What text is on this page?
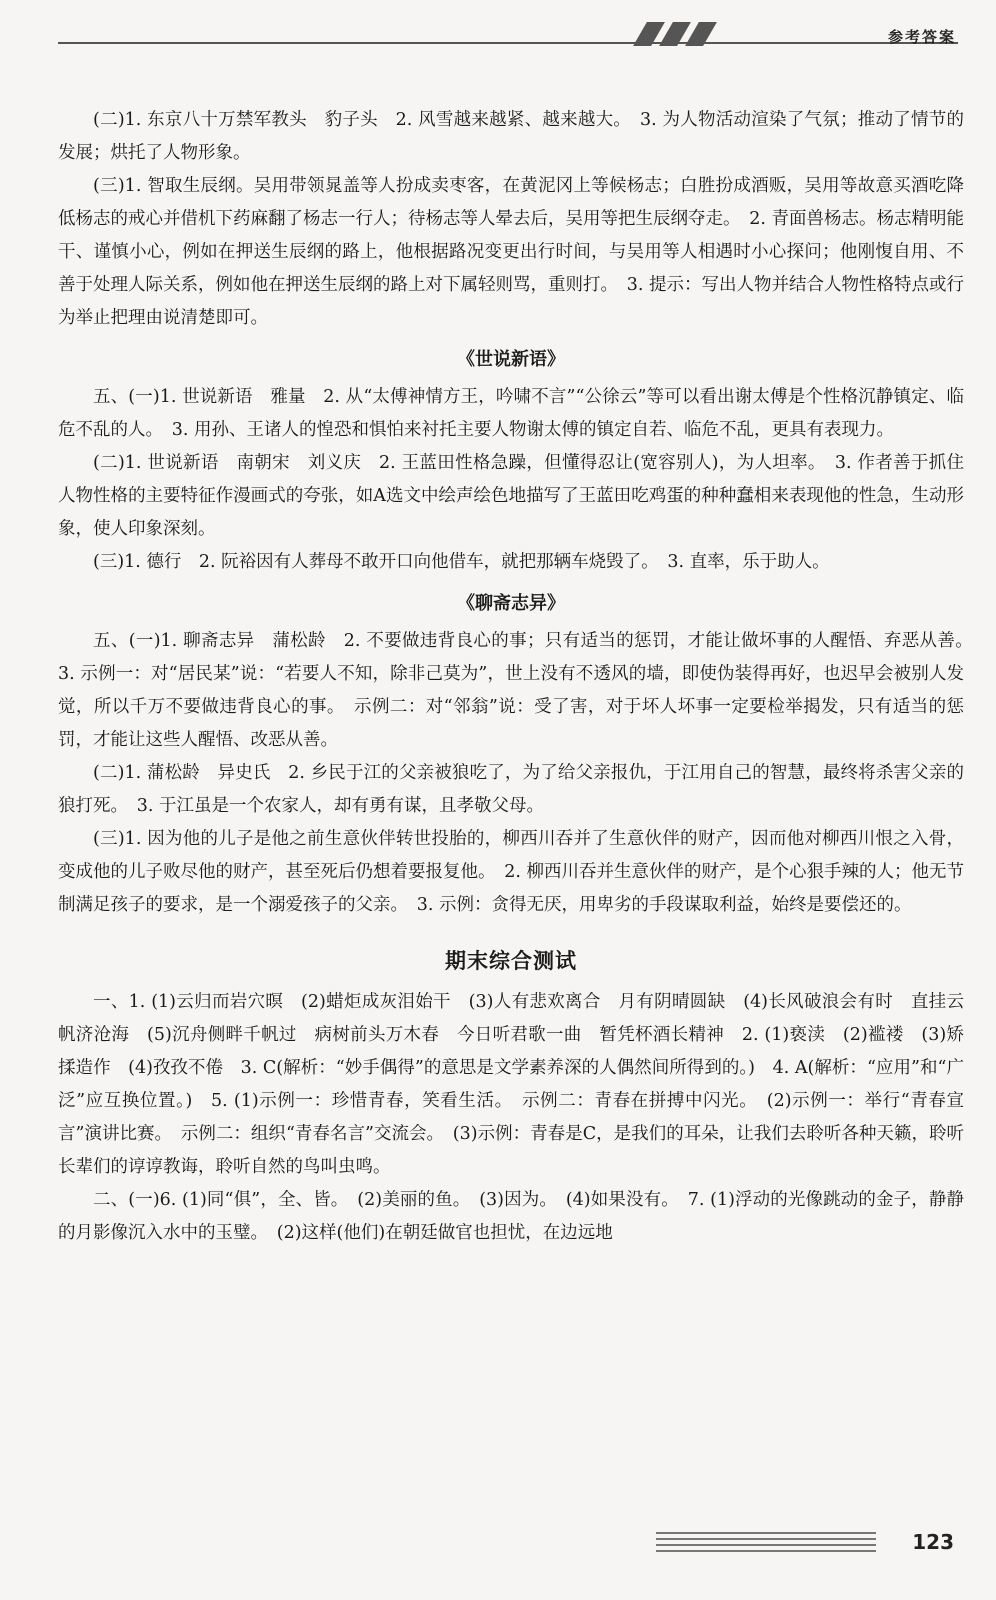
参考答案

(二)1. 东京八十万禁军教头　豹子头　2. 风雪越来越紧、越来越大。　3. 为人物活动渲染了气氛；推动了情节的发展；烘托了人物形象。

(三)1. 智取生辰纲。吴用带领晁盖等人扮成卖枣客，在黄泥冈上等候杨志；白胜扮成酒贩，吴用等故意买酒吃降低杨志的戒心并借机下药麻翻了杨志一行人；待杨志等人晕去后，吴用等把生辰纲夺走。　2. 青面兽杨志。杨志精明能干、谨慎小心，例如在押送生辰纲的路上，他根据路况变更出行时间，与吴用等人相遇时小心探问；他刚愎自用、不善于处理人际关系，例如他在押送生辰纲的路上对下属轻则骂，重则打。　3. 提示：写出人物并结合人物性格特点或行为举止把理由说清楚即可。

《世说新语》

五、(一)1. 世说新语　雅量　2. 从“太傅神情方王，吟啸不言”“公徐云”等可以看出谢太傅是个性格沉静镇定、临危不乱的人。　3. 用孙、王诸人的惶恐和惧怕来衬托主要人物谢太傅的镇定自若、临危不乱，更具有表现力。

(二)1. 世说新语　南朝宋　刘义庆　2. 王蓝田性格急躁，但懂得忍让(宽容别人)，为人坦率。　3. 作者善于抓住人物性格的主要特征作漫画式的夸张，如A选文中绘声绘色地描写了王蓝田吃鸡蛋的种种蠢相来表现他的性急，生动形象，使人印象深刻。

(三)1. 德行　2. 阮裕因有人葬母不敢开口向他借车，就把那辆车烧毁了。　3. 直率，乐于助人。

《聊斋志异》

五、(一)1. 聊斋志异　蒲松龄　2. 不要做违背良心的事；只有适当的惩罚，才能让做坏事的人醒悟、弃恶从善。　3. 示例一：对“居民某”说：“若要人不知，除非己莫为”，世上没有不透风的墙，即使伪装得再好，也迟早会被别人发觉，所以千万不要做违背良心的事。　示例二：对“邻翁”说：受了害，对于坏人坏事一定要检举揭发，只有适当的惩罚，才能让这些人醒悟、改恶从善。

(二)1. 蒲松龄　异史氏　2. 乡民于江的父亲被狼吃了，为了给父亲报仇，于江用自己的智慧，最终将杀害父亲的狼打死。　3. 于江虽是一个农家人，却有勇有谋，且孝敬父母。

(三)1. 因为他的儿子是他之前生意伙伴转世投胎的，柳西川吞并了生意伙伴的财产，因而他对柳西川恨之入骨，变成他的儿子败尽他的财产，甚至死后仍想着要报复他。　2. 柳西川吞并生意伙伴的财产，是个心狠手辣的人；他无节制满足孩子的要求，是一个溺爱孩子的父亲。　3. 示例：贪得无厌，用卑劣的手段谋取利益，始终是要偿还的。

期末综合测试

一、1. (1)云归而岩穴暝　(2)蜡炬成灰泪始干　(3)人有悲欢离合　月有阴晴圆缺　(4)长风破浪会有时　直挂云帆济沧海　(5)沉舟侧畔千帆过　病树前头万木春　今日听君歌一曲　暂凭杯酒长精神　2. (1)亵渎　(2)褴褛　(3)矫揉造作　(4)孜孜不倦　3. C(解析：“妙手偶得”的意思是文学素养深的人偶然间所得到的。)　4. A(解析：“应用”和“广泛”应互换位置。)　5. (1)示例一：珍惜青春，笑看生活。　示例二：青春在拼搏中闪光。　(2)示例一：举行“青春宣言”演讲比赛。　示例二：组织“青春名言”交流会。　(3)示例：青春是C，是我们的耳朵，让我们去聆听各种天籁，聆听长辈们的谆谆教诲，聆听自然的鸟叫虫鸣。

二、(一)6. (1)同“俱”，全、皆。　(2)美丽的鱼。　(3)因为。　(4)如果没有。　7. (1)浮动的光像跳动的金子，静静的月影像沉入水中的玉璧。　(2)这样(他们)在朝廷做官也担忧，在边远地

123
